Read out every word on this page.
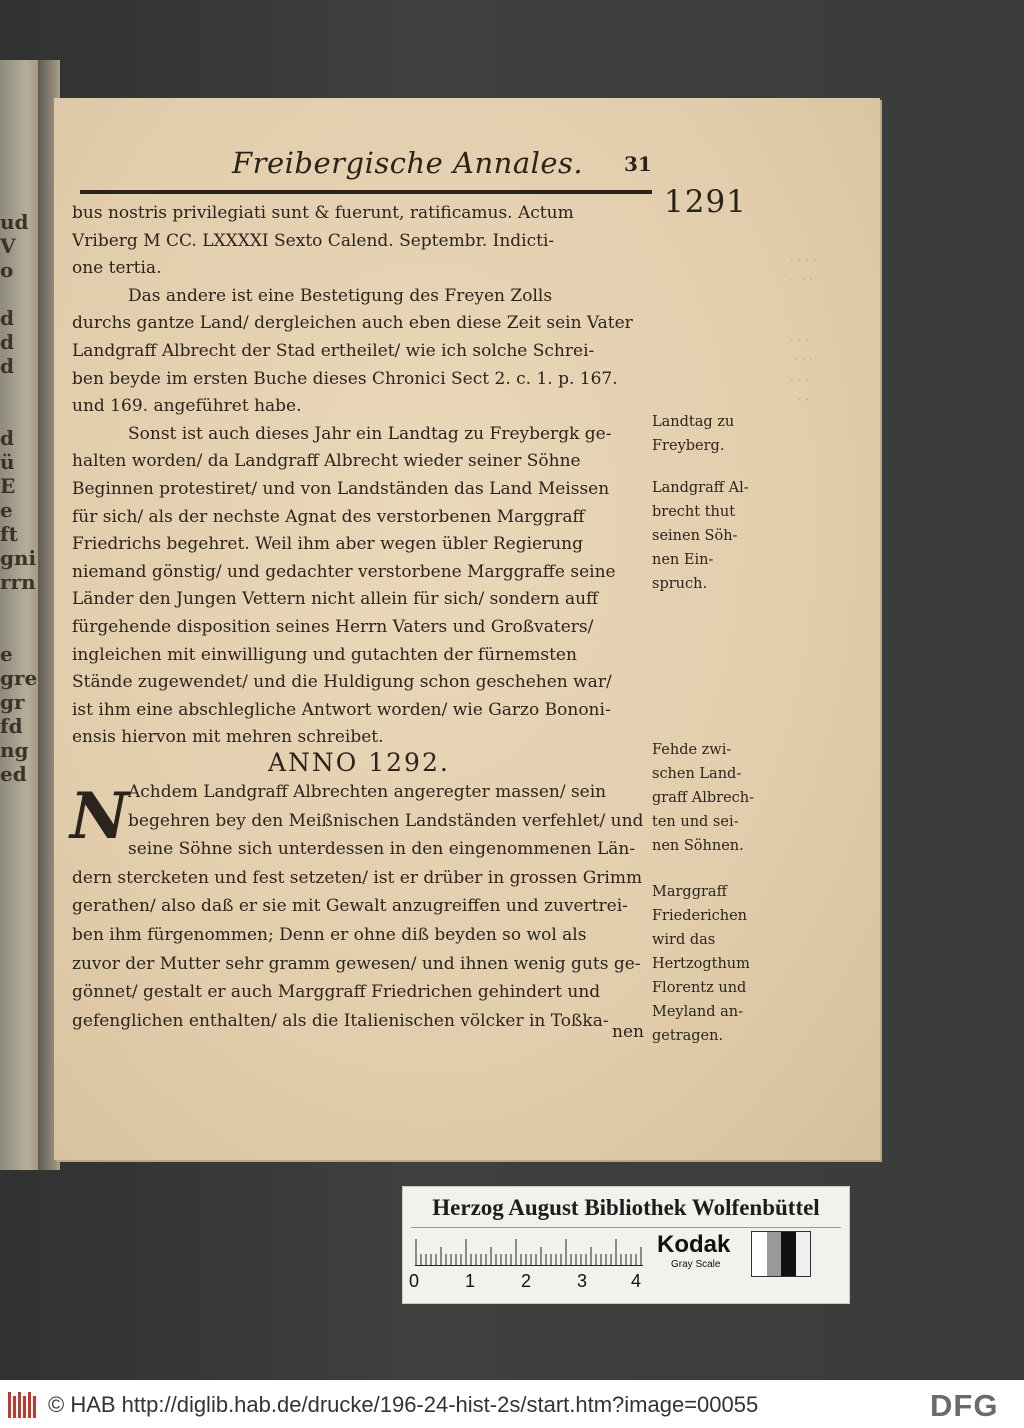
ud
V
o

d
d
d

d
ü
E
e
ft
gni
rrn

e
gre
gr
fd
ng
ed

· · · ·
·  · ·

· · ·
· · ·
· · ·
· ·

Freibergische Annales. 31
1291
bus nostris privilegiati sunt & fuerunt, ratificamus. Actum
Vriberg M CC. LXXXXI Sexto Calend. Septembr. Indicti-
one tertia.
Das andere ist eine Bestetigung des Freyen Zolls
durchs gantze Land/ dergleichen auch eben diese Zeit sein Vater
Landgraff Albrecht der Stad ertheilet/ wie ich solche Schrei-
ben beyde im ersten Buche dieses Chronici Sect 2. c. 1. p. 167.
und 169. angeführet habe.
Sonst ist auch dieses Jahr ein Landtag zu Freybergk ge-
halten worden/ da Landgraff Albrecht wieder seiner Söhne
Beginnen protestiret/ und von Landständen das Land Meissen
für sich/ als der nechste Agnat des verstorbenen Marggraff
Friedrichs begehret. Weil ihm aber wegen übler Regierung
niemand gönstig/ und gedachter verstorbene Marggraffe seine
Länder den Jungen Vettern nicht allein für sich/ sondern auff
fürgehende disposition seines Herrn Vaters und Großvaters/
ingleichen mit einwilligung und gutachten der fürnemsten
Stände zugewendet/ und die Huldigung schon geschehen war/
ist ihm eine abschlegliche Antwort worden/ wie Garzo Bononi-
ensis hiervon mit mehren schreibet.
ANNO 1292.
N Achdem Landgraff Albrechten angeregter massen/ sein
begehren bey den Meißnischen Landständen verfehlet/ und
seine Söhne sich unterdessen in den eingenommenen Län-
dern stercketen und fest setzeten/ ist er drüber in grossen Grimm
gerathen/ also daß er sie mit Gewalt anzugreiffen und zuvertrei-
ben ihm fürgenommen; Denn er ohne diß beyden so wol als
zuvor der Mutter sehr gramm gewesen/ und ihnen wenig guts ge-
gönnet/ gestalt er auch Marggraff Friedrichen gehindert und
gefenglichen enthalten/ als die Italienischen völcker in Toßka-
nen
Landtag zu
Freyberg.
Landgraff Al-
brecht thut
seinen Söh-
nen Ein-
spruch.
Fehde zwi-
schen Land-
graff Albrech-
ten und sei-
nen Söhnen.
Marggraff
Friederichen
wird das
Hertzogthum
Florentz und
Meyland an-
getragen.
Herzog August Bibliothek Wolfenbüttel
0	1	2	3 4
Kodak
Gray Scale
© HAB http://diglib.hab.de/drucke/196-24-hist-2s/start.htm?image=00055	DFG
